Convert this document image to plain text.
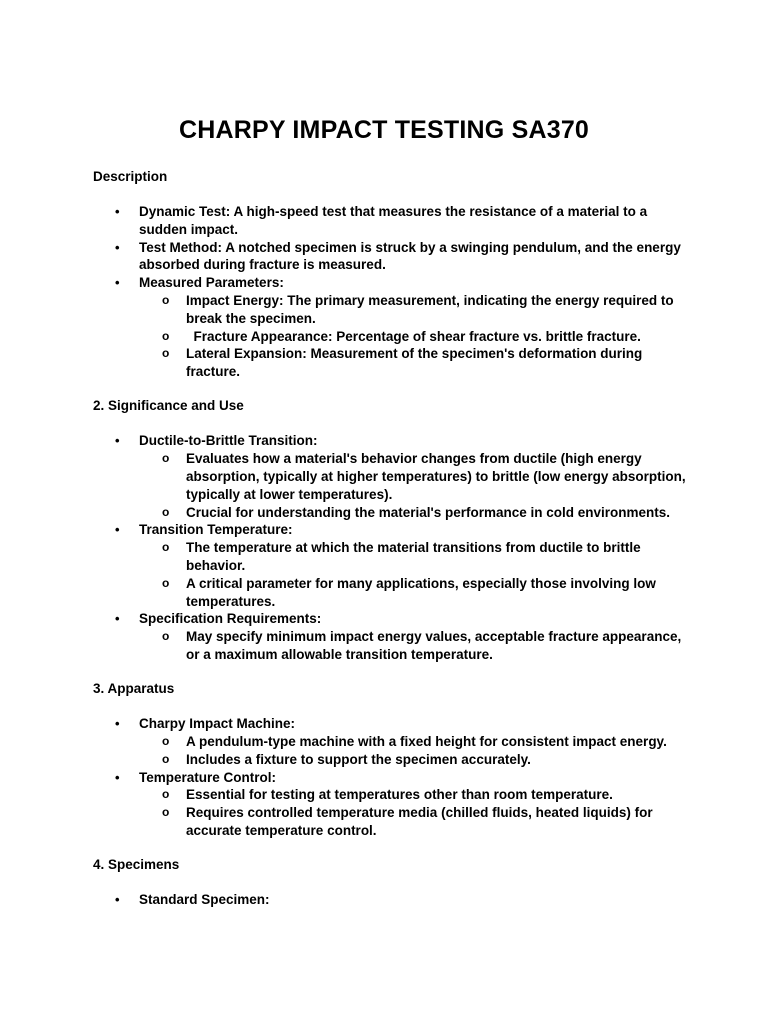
CHARPY IMPACT TESTING SA370
Description
• Dynamic Test: A high-speed test that measures the resistance of a material to a sudden impact.
• Test Method: A notched specimen is struck by a swinging pendulum, and the energy absorbed during fracture is measured.
• Measured Parameters:
o Impact Energy: The primary measurement, indicating the energy required to break the specimen.
o Fracture Appearance: Percentage of shear fracture vs. brittle fracture.
o Lateral Expansion: Measurement of the specimen's deformation during fracture.
2. Significance and Use
• Ductile-to-Brittle Transition:
o Evaluates how a material's behavior changes from ductile (high energy absorption, typically at higher temperatures) to brittle (low energy absorption, typically at lower temperatures).
o Crucial for understanding the material's performance in cold environments.
• Transition Temperature:
o The temperature at which the material transitions from ductile to brittle behavior.
o A critical parameter for many applications, especially those involving low temperatures.
• Specification Requirements:
o May specify minimum impact energy values, acceptable fracture appearance, or a maximum allowable transition temperature.
3. Apparatus
• Charpy Impact Machine:
o A pendulum-type machine with a fixed height for consistent impact energy.
o Includes a fixture to support the specimen accurately.
• Temperature Control:
o Essential for testing at temperatures other than room temperature.
o Requires controlled temperature media (chilled fluids, heated liquids) for accurate temperature control.
4. Specimens
• Standard Specimen:
